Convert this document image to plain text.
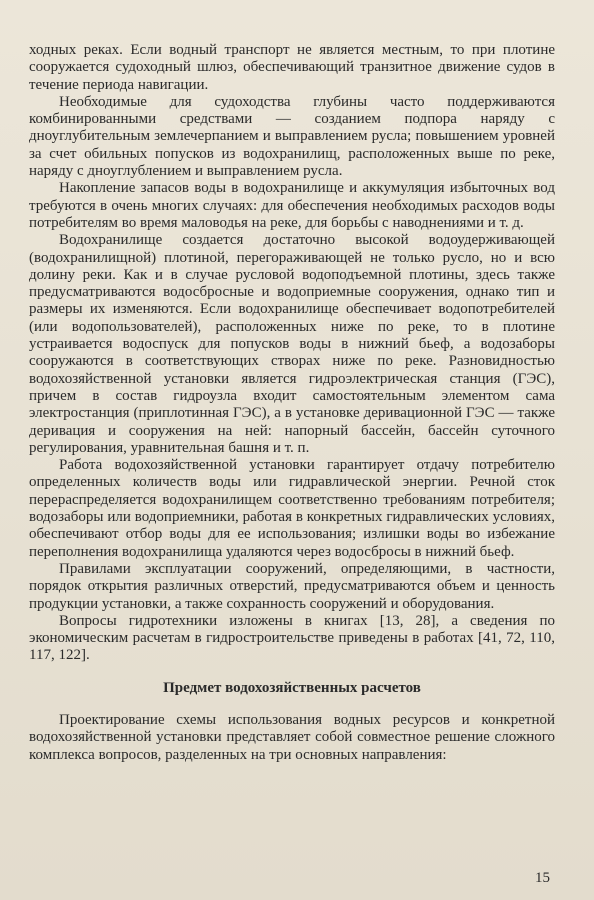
ходных реках. Если водный транспорт не является местным, то при плотине сооружается судоходный шлюз, обеспечивающий транзитное движение судов в течение периода навигации.

Необходимые для судоходства глубины часто поддерживаются комбинированными средствами — созданием подпора наряду с дноуглубительным землечерпанием и выправлением русла; повышением уровней за счет обильных попусков из водохранилищ, расположенных выше по реке, наряду с дноуглублением и выправлением русла.

Накопление запасов воды в водохранилище и аккумуляция избыточных вод требуются в очень многих случаях: для обеспечения необходимых расходов воды потребителям во время маловодья на реке, для борьбы с наводнениями и т. д.

Водохранилище создается достаточно высокой водоудерживающей (водохранилищной) плотиной, перегораживающей не только русло, но и всю долину реки. Как и в случае русловой водоподъемной плотины, здесь также предусматриваются водосбросные и водоприемные сооружения, однако тип и размеры их изменяются. Если водохранилище обеспечивает водопотребителей (или водопользователей), расположенных ниже по реке, то в плотине устраивается водоспуск для попусков воды в нижний бьеф, а водозаборы сооружаются в соответствующих створах ниже по реке. Разновидностью водохозяйственной установки является гидроэлектрическая станция (ГЭС), причем в состав гидроузла входит самостоятельным элементом сама электростанция (приплотинная ГЭС), а в установке деривационной ГЭС — также деривация и сооружения на ней: напорный бассейн, бассейн суточного регулирования, уравнительная башня и т. п.

Работа водохозяйственной установки гарантирует отдачу потребителю определенных количеств воды или гидравлической энергии. Речной сток перераспределяется водохранилищем соответственно требованиям потребителя; водозаборы или водоприемники, работая в конкретных гидравлических условиях, обеспечивают отбор воды для ее использования; излишки воды во избежание переполнения водохранилища удаляются через водосбросы в нижний бьеф.

Правилами эксплуатации сооружений, определяющими, в частности, порядок открытия различных отверстий, предусматриваются объем и ценность продукции установки, а также сохранность сооружений и оборудования.

Вопросы гидротехники изложены в книгах [13, 28], а сведения по экономическим расчетам в гидростроительстве приведены в работах [41, 72, 110, 117, 122].

Предмет водохозяйственных расчетов

Проектирование схемы использования водных ресурсов и конкретной водохозяйственной установки представляет собой совместное решение сложного комплекса вопросов, разделенных на три основных направления:

15
